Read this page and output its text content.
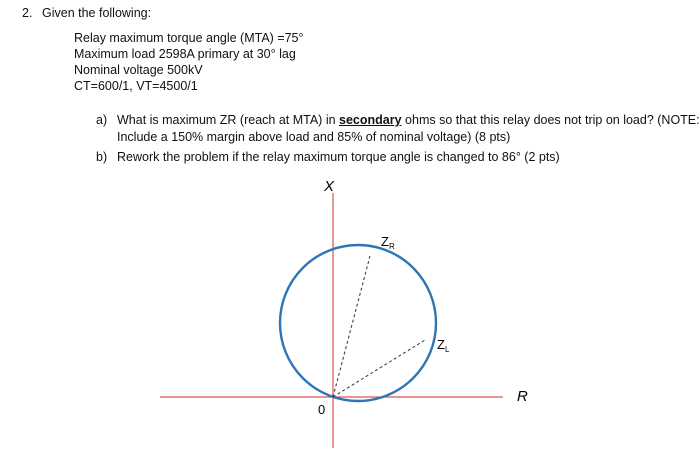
2. Given the following:
Relay maximum torque angle (MTA) =75°
Maximum load 2598A primary at 30° lag
Nominal voltage 500kV
CT=600/1, VT=4500/1
a) What is maximum ZR (reach at MTA) in secondary ohms so that this relay does not trip on load? (NOTE:
Include a 150% margin above load and 85% of nominal voltage) (8 pts)
b) Rework the problem if the relay maximum torque angle is changed to 86° (2 pts)
X
R
0
$Z_R$
$Z_L$
